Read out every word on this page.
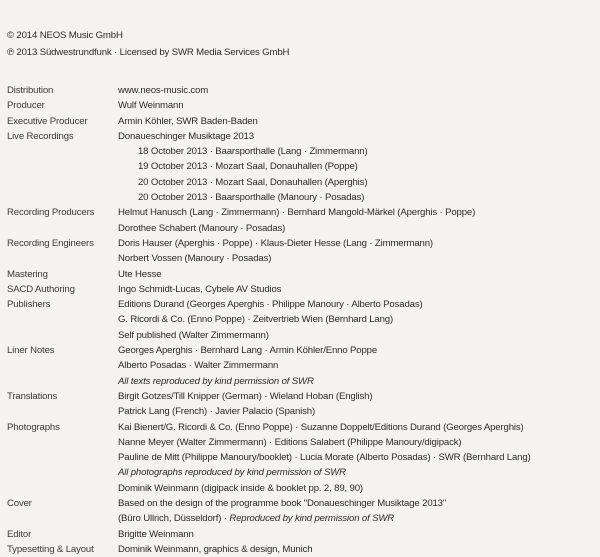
© 2014 NEOS Music GmbH
℗ 2013 Südwestrundfunk · Licensed by SWR Media Services GmbH
Distribution	www.neos-music.com
Producer	Wulf Weinmann
Executive Producer	Armin Köhler, SWR Baden-Baden
Live Recordings	Donaueschinger Musiktage 2013
18 October 2013 · Baarsporthalle (Lang · Zimmermann)
19 October 2013 · Mozart Saal, Donauhallen (Poppe)
20 October 2013 · Mozart Saal, Donauhallen (Aperghis)
20 October 2013 · Baarsporthalle (Manoury · Posadas)
Recording Producers	Helmut Hanusch (Lang · Zimmermann) · Bernhard Mangold-Märkel (Aperghis · Poppe)
Dorothee Schabert (Manoury · Posadas)
Recording Engineers	Doris Hauser (Aperghis · Poppe) · Klaus-Dieter Hesse (Lang · Zimmermann)
Norbert Vossen (Manoury · Posadas)
Mastering	Ute Hesse
SACD Authoring	Ingo Schmidt-Lucas, Cybele AV Studios
Publishers	Editions Durand (Georges Aperghis · Philippe Manoury · Alberto Posadas)
G. Ricordi & Co. (Enno Poppe) · Zeitvertrieb Wien (Bernhard Lang)
Self published (Walter Zimmermann)
Liner Notes	Georges Aperghis · Bernhard Lang · Armin Köhler/Enno Poppe
Alberto Posadas · Walter Zimmermann
All texts reproduced by kind permission of SWR
Translations	Birgit Gotzes/Till Knipper (German) · Wieland Hoban (English)
Patrick Lang (French) · Javier Palacio (Spanish)
Photographs	Kai Bienert/G. Ricordi & Co. (Enno Poppe) · Suzanne Doppelt/Editions Durand (Georges Aperghis)
Nanne Meyer (Walter Zimmermann) · Editions Salabert (Philippe Manoury/digipack)
Pauline de Mitt (Philippe Manoury/booklet) · Lucia Morate (Alberto Posadas) · SWR (Bernhard Lang)
All photographs reproduced by kind permission of SWR
Dominik Weinmann (digipack inside & booklet pp. 2, 89, 90)
Cover	Based on the design of the programme book "Donaueschinger Musiktage 2013"
(Büro Ullrich, Düsseldorf) · Reproduced by kind permission of SWR
Editor	Brigitte Weinmann
Typesetting & Layout	Dominik Weinmann, graphics & design, Munich
